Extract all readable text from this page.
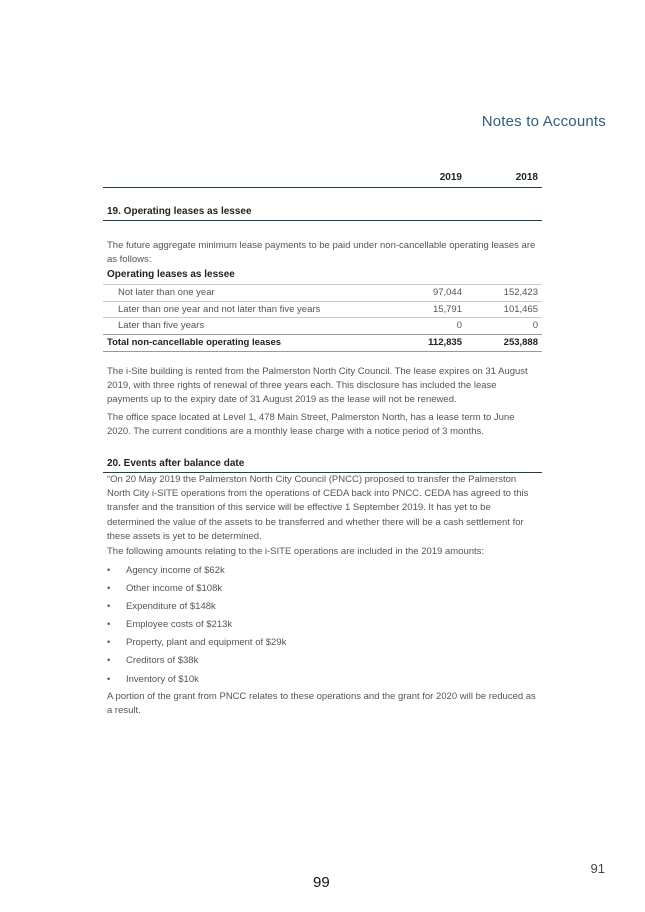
Notes to Accounts
2019	2018
19. Operating leases as lessee
The future aggregate minimum lease payments to be paid under non-cancellable operating leases are as follows:
Operating leases as lessee
Not later than one year	97,044	152,423
Later than one year and not later than five years	15,791	101,465
Later than five years	0	0
Total non-cancellable operating leases	112,835	253,888
The i-Site building is rented from the Palmerston North City Council. The lease expires on 31 August 2019, with three rights of renewal of three years each. This disclosure has included the lease payments up to the expiry date of 31 August 2019 as the lease will not be renewed.
The office space located at Level 1, 478 Main Street, Palmerston North, has a lease term to June 2020. The current conditions are a monthly lease charge with a notice period of 3 months.
20. Events after balance date
“On 20 May 2019 the Palmerston North City Council (PNCC) proposed to transfer the Palmerston North City i-SITE operations from the operations of CEDA back into PNCC. CEDA has agreed to this transfer and the transition of this service will be effective 1 September 2019. It has yet to be determined the value of the assets to be transferred and whether there will be a cash settlement for these assets is yet to be determined.
The following amounts relating to the i-SITE operations are included in the 2019 amounts:
• Agency income of $62k
• Other income of $108k
• Expenditure of $148k
• Employee costs of $213k
• Property, plant and equipment of $29k
• Creditors of $38k
• Inventory of $10k
A portion of the grant from PNCC relates to these operations and the grant for 2020 will be reduced as a result.
91
99
